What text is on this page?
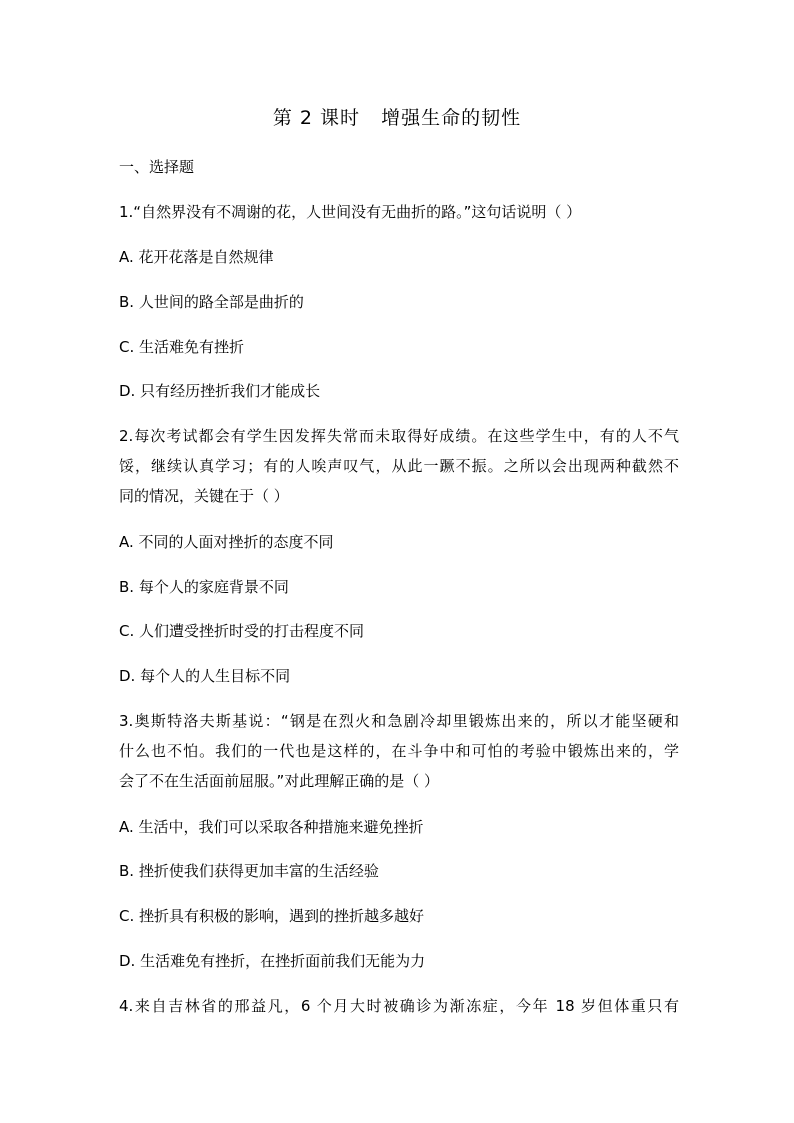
第 2 课时   增强生命的韧性
一、选择题
1.“自然界没有不凋谢的花，人世间没有无曲折的路。”这句话说明（ ）
A. 花开花落是自然规律
B. 人世间的路全部是曲折的
C. 生活难免有挫折
D. 只有经历挫折我们才能成长
2.每次考试都会有学生因发挥失常而未取得好成绩。在这些学生中，有的人不气
馁，继续认真学习；有的人唉声叹气，从此一蹶不振。之所以会出现两种截然不
同的情况，关键在于（ ）
A. 不同的人面对挫折的态度不同
B. 每个人的家庭背景不同
C. 人们遭受挫折时受的打击程度不同
D. 每个人的人生目标不同
3.奥斯特洛夫斯基说：“钢是在烈火和急剧冷却里锻炼出来的，所以才能坚硬和
什么也不怕。我们的一代也是这样的，在斗争中和可怕的考验中锻炼出来的，学
会了不在生活面前屈服。”对此理解正确的是（ ）
A. 生活中，我们可以采取各种措施来避免挫折
B. 挫折使我们获得更加丰富的生活经验
C. 挫折具有积极的影响，遇到的挫折越多越好
D. 生活难免有挫折，在挫折面前我们无能为力
4.来自吉林省的邢益凡，6 个月大时被确诊为渐冻症，今年 18 岁但体重只有
